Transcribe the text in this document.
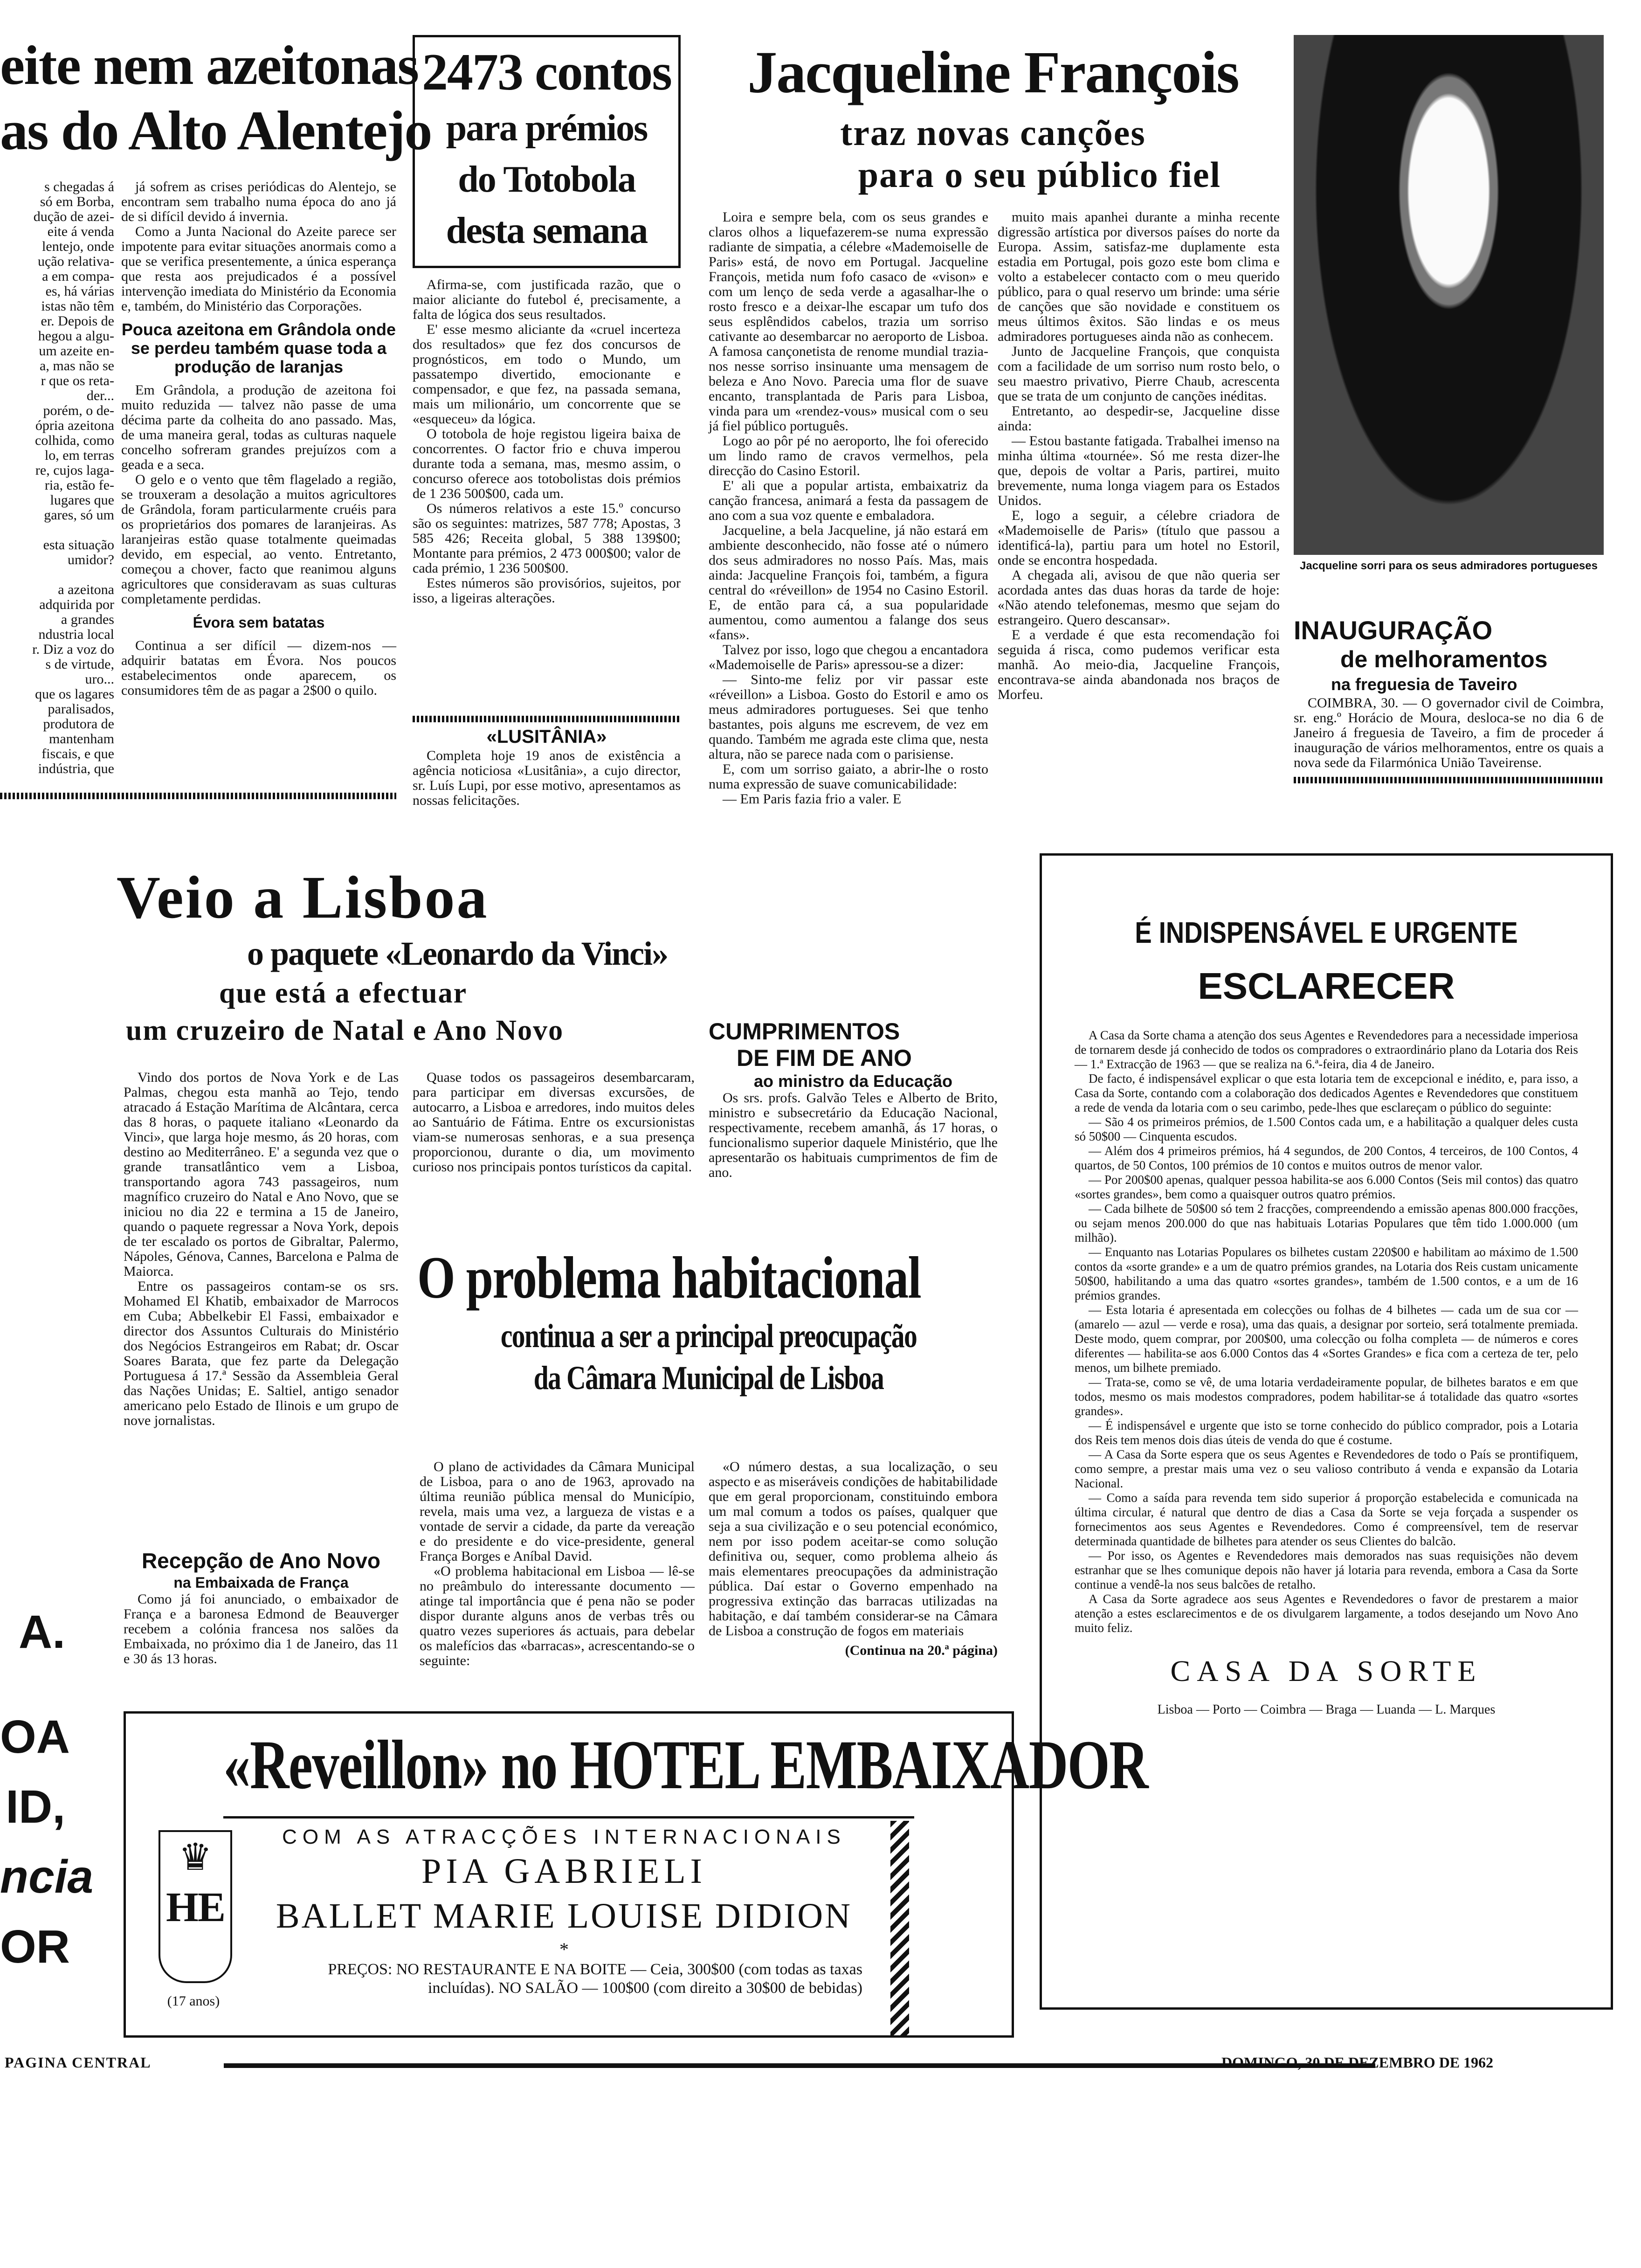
eite nem azeitonas
as do Alto Alentejo
s chegadas á
só em Borba,
dução de azei-
eite á venda
lentejo, onde
ução relativa-
a em compa-
es, há várias
istas não têm
er. Depois de
hegou a algu-
um azeite en-
a, mas não se
r que os reta-
der...
porém, o de-
ópria azeitona
colhida, como
lo, em terras
re, cujos laga-
ria, estão fe-
lugares que
gares, só um
esta situação
umidor?
a azeitona
adquirida por
a grandes
ndustria local
r. Diz a voz do
s de virtude,
uro...
que os lagares
paralisados,
produtora de
mantenham
fiscais, e que
indústria, que

já sofrem as crises periódicas do Alentejo, se encontram sem trabalho numa época do ano já de si difícil devido á invernia.

Como a Junta Nacional do Azeite parece ser impotente para evitar situações anormais como a que se verifica presentemente, a única esperança que resta aos prejudicados é a possível intervenção imediata do Ministério da Economia e, também, do Ministério das Corporações.

Pouca azeitona em Grândola onde se perdeu também quase toda a produção de laranjas

Em Grândola, a produção de azeitona foi muito reduzida — talvez não passe de uma décima parte da colheita do ano passado. Mas, de uma maneira geral, todas as culturas naquele concelho sofreram grandes prejuízos com a geada e a seca.

O gelo e o vento que têm flagelado a região, se trouxeram a desolação a muitos agricultores de Grândola, foram particularmente cruéis para os proprietários dos pomares de laranjeiras. As laranjeiras estão quase totalmente queimadas devido, em especial, ao vento. Entretanto, começou a chover, facto que reanimou alguns agricultores que consideravam as suas culturas completamente perdidas.

Évora sem batatas

Continua a ser difícil — dizem-nos — adquirir batatas em Évora. Nos poucos estabelecimentos onde aparecem, os consumidores têm de as pagar a 2$00 o quilo.

2473 contos
para prémios
do Totobola
desta semana

Afirma-se, com justificada razão, que o maior aliciante do futebol é, precisamente, a falta de lógica dos seus resultados.

E' esse mesmo aliciante da «cruel incerteza dos resultados» que fez dos concursos de prognósticos, em todo o Mundo, um passatempo divertido, emocionante e compensador, e que fez, na passada semana, mais um milionário, um concorrente que se «esqueceu» da lógica.

O totobola de hoje registou ligeira baixa de concorrentes. O factor frio e chuva imperou durante toda a semana, mas, mesmo assim, o concurso oferece aos totobolistas dois prémios de 1 236 500$00, cada um.

Os números relativos a este 15.º concurso são os seguintes: matrizes, 587 778; Apostas, 3 585 426; Receita global, 5 388 139$00; Montante para prémios, 2 473 000$00; valor de cada prémio, 1 236 500$00.

Estes números são provisórios, sujeitos, por isso, a ligeiras alterações.

«LUSITÂNIA»

Completa hoje 19 anos de existência a agência noticiosa «Lusitânia», a cujo director, sr. Luís Lupi, por esse motivo, apresentamos as nossas felicitações.

Jacqueline François
traz novas canções
para o seu público fiel

Loira e sempre bela, com os seus grandes e claros olhos a liquefazerem-se numa expressão radiante de simpatia, a célebre «Mademoiselle de Paris» está, de novo em Portugal. Jacqueline François, metida num fofo casaco de «vison» e com um lenço de seda verde a agasalhar-lhe o rosto fresco e a deixar-lhe escapar um tufo dos seus esplêndidos cabelos, trazia um sorriso cativante ao desembarcar no aeroporto de Lisboa. A famosa cançonetista de renome mundial trazia-nos nesse sorriso insinuante uma mensagem de beleza e Ano Novo. Parecia uma flor de suave encanto, transplantada de Paris para Lisboa, vinda para um «rendez-vous» musical com o seu já fiel público português.

Logo ao pôr pé no aeroporto, lhe foi oferecido um lindo ramo de cravos vermelhos, pela direcção do Casino Estoril.

E' ali que a popular artista, embaixatriz da canção francesa, animará a festa da passagem de ano com a sua voz quente e embaladora.

Jacqueline, a bela Jacqueline, já não estará em ambiente desconhecido, não fosse até o número dos seus admiradores no nosso País. Mas, mais ainda: Jacqueline François foi, também, a figura central do «réveillon» de 1954 no Casino Estoril. E, de então para cá, a sua popularidade aumentou, como aumentou a falange dos seus «fans».

Talvez por isso, logo que chegou a encantadora «Mademoiselle de Paris» apressou-se a dizer:

— Sinto-me feliz por vir passar este «réveillon» a Lisboa. Gosto do Estoril e amo os meus admiradores portugueses. Sei que tenho bastantes, pois alguns me escrevem, de vez em quando. Também me agrada este clima que, nesta altura, não se parece nada com o parisiense.

E, com um sorriso gaiato, a abrir-lhe o rosto numa expressão de suave comunicabilidade:

— Em Paris fazia frio a valer. E

muito mais apanhei durante a minha recente digressão artística por diversos países do norte da Europa. Assim, satisfaz-me duplamente esta estadia em Portugal, pois gozo este bom clima e volto a estabelecer contacto com o meu querido público, para o qual reservo um brinde: uma série de canções que são novidade e constituem os meus últimos êxitos. São lindas e os meus admiradores portugueses ainda não as conhecem.

Junto de Jacqueline François, que conquista com a facilidade de um sorriso num rosto belo, o seu maestro privativo, Pierre Chaub, acrescenta que se trata de um conjunto de canções inéditas.

Entretanto, ao despedir-se, Jacqueline disse ainda:

— Estou bastante fatigada. Trabalhei imenso na minha última «tournée». Só me resta dizer-lhe que, depois de voltar a Paris, partirei, muito brevemente, numa longa viagem para os Estados Unidos.

E, logo a seguir, a célebre criadora de «Mademoiselle de Paris» (título que passou a identificá-la), partiu para um hotel no Estoril, onde se encontra hospedada.

A chegada ali, avisou de que não queria ser acordada antes das duas horas da tarde de hoje: «Não atendo telefonemas, mesmo que sejam do estrangeiro. Quero descansar».

E a verdade é que esta recomendação foi seguida á risca, como pudemos verificar esta manhã. Ao meio-dia, Jacqueline François, encontrava-se ainda abandonada nos braços de Morfeu.

Jacqueline sorri para os seus admiradores portugueses
INAUGURAÇÃO
de melhoramentos
na freguesia de Taveiro

COIMBRA, 30. — O governador civil de Coimbra, sr. eng.º Horácio de Moura, desloca-se no dia 6 de Janeiro á freguesia de Taveiro, a fim de proceder á inauguração de vários melhoramentos, entre os quais a nova sede da Filarmónica União Taveirense.

Veio a Lisboa
o paquete «Leonardo da Vinci»
que está a efectuar
um cruzeiro de Natal e Ano Novo

Vindo dos portos de Nova York e de Las Palmas, chegou esta manhã ao Tejo, tendo atracado á Estação Marítima de Alcântara, cerca das 8 horas, o paquete italiano «Leonardo da Vinci», que larga hoje mesmo, ás 20 horas, com destino ao Mediterrâneo. E' a segunda vez que o grande transatlântico vem a Lisboa, transportando agora 743 passageiros, num magnífico cruzeiro do Natal e Ano Novo, que se iniciou no dia 22 e termina a 15 de Janeiro, quando o paquete regressar a Nova York, depois de ter escalado os portos de Gibraltar, Palermo, Nápoles, Génova, Cannes, Barcelona e Palma de Maiorca.

Entre os passageiros contam-se os srs. Mohamed El Khatib, embaixador de Marrocos em Cuba; Abbelkebir El Fassi, embaixador e director dos Assuntos Culturais do Ministério dos Negócios Estrangeiros em Rabat; dr. Oscar Soares Barata, que fez parte da Delegação Portuguesa á 17.ª Sessão da Assembleia Geral das Nações Unidas; E. Saltiel, antigo senador americano pelo Estado de Ilinois e um grupo de nove jornalistas.

Quase todos os passageiros desembarcaram, para participar em diversas excursões, de autocarro, a Lisboa e arredores, indo muitos deles ao Santuário de Fátima. Entre os excursionistas viam-se numerosas senhoras, e a sua presença proporcionou, durante o dia, um movimento curioso nos principais pontos turísticos da capital.

Recepção de Ano Novo
na Embaixada de França

Como já foi anunciado, o embaixador de França e a baronesa Edmond de Beauverger recebem a colónia francesa nos salões da Embaixada, no próximo dia 1 de Janeiro, das 11 e 30 ás 13 horas.

CUMPRIMENTOS
DE FIM DE ANO
ao ministro da Educação

Os srs. profs. Galvão Teles e Alberto de Brito, ministro e subsecretário da Educação Nacional, respectivamente, recebem amanhã, ás 17 horas, o funcionalismo superior daquele Ministério, que lhe apresentarão os habituais cumprimentos de fim de ano.

O problema habitacional
continua a ser a principal preocupação
da Câmara Municipal de Lisboa

O plano de actividades da Câmara Municipal de Lisboa, para o ano de 1963, aprovado na última reunião pública mensal do Município, revela, mais uma vez, a largueza de vistas e a vontade de servir a cidade, da parte da vereação e do presidente e do vice-presidente, general França Borges e Aníbal David.

«O problema habitacional em Lisboa — lê-se no preâmbulo do interessante documento — atinge tal importância que é pena não se poder dispor durante alguns anos de verbas três ou quatro vezes superiores ás actuais, para debelar os malefícios das «barracas», acrescentando-se o seguinte:

«O número destas, a sua localização, o seu aspecto e as miseráveis condições de habitabilidade que em geral proporcionam, constituindo embora um mal comum a todos os países, qualquer que seja a sua civilização e o seu potencial económico, nem por isso podem aceitar-se como solução definitiva ou, sequer, como problema alheio ás mais elementares preocupações da administração pública. Daí estar o Governo empenhado na progressiva extinção das barracas utilizadas na habitação, e daí também considerar-se na Câmara de Lisboa a construção de fogos em materiais

(Continua na 20.ª página)
É INDISPENSÁVEL E URGENTE
ESCLARECER

A Casa da Sorte chama a atenção dos seus Agentes e Revendedores para a necessidade imperiosa de tornarem desde já conhecido de todos os compradores o extraordinário plano da Lotaria dos Reis — 1.ª Extracção de 1963 — que se realiza na 6.ª-feira, dia 4 de Janeiro.

De facto, é indispensável explicar o que esta lotaria tem de excepcional e inédito, e, para isso, a Casa da Sorte, contando com a colaboração dos dedicados Agentes e Revendedores que constituem a rede de venda da lotaria com o seu carimbo, pede-lhes que esclareçam o público do seguinte:

— São 4 os primeiros prémios, de 1.500 Contos cada um, e a habilitação a qualquer deles custa só 50$00 — Cinquenta escudos.

— Além dos 4 primeiros prémios, há 4 segundos, de 200 Contos, 4 terceiros, de 100 Contos, 4 quartos, de 50 Contos, 100 prémios de 10 contos e muitos outros de menor valor.

— Por 200$00 apenas, qualquer pessoa habilita-se aos 6.000 Contos (Seis mil contos) das quatro «sortes grandes», bem como a quaisquer outros quatro prémios.

— Cada bilhete de 50$00 só tem 2 fracções, compreendendo a emissão apenas 800.000 fracções, ou sejam menos 200.000 do que nas habituais Lotarias Populares que têm tido 1.000.000 (um milhão).

— Enquanto nas Lotarias Populares os bilhetes custam 220$00 e habilitam ao máximo de 1.500 contos da «sorte grande» e a um de quatro prémios grandes, na Lotaria dos Reis custam unicamente 50$00, habilitando a uma das quatro «sortes grandes», também de 1.500 contos, e a um de 16 prémios grandes.

— Esta lotaria é apresentada em colecções ou folhas de 4 bilhetes — cada um de sua cor — (amarelo — azul — verde e rosa), uma das quais, a designar por sorteio, será totalmente premiada. Deste modo, quem comprar, por 200$00, uma colecção ou folha completa — de números e cores diferentes — habilita-se aos 6.000 Contos das 4 «Sortes Grandes» e fica com a certeza de ter, pelo menos, um bilhete premiado.

— Trata-se, como se vê, de uma lotaria verdadeiramente popular, de bilhetes baratos e em que todos, mesmo os mais modestos compradores, podem habilitar-se á totalidade das quatro «sortes grandes».

— É indispensável e urgente que isto se torne conhecido do público comprador, pois a Lotaria dos Reis tem menos dois dias úteis de venda do que é costume.

— A Casa da Sorte espera que os seus Agentes e Revendedores de todo o País se prontifiquem, como sempre, a prestar mais uma vez o seu valioso contributo á venda e expansão da Lotaria Nacional.

— Como a saída para revenda tem sido superior á proporção estabelecida e comunicada na última circular, é natural que dentro de dias a Casa da Sorte se veja forçada a suspender os fornecimentos aos seus Agentes e Revendedores. Como é compreensível, tem de reservar determinada quantidade de bilhetes para atender os seus Clientes do balcão.

— Por isso, os Agentes e Revendedores mais demorados nas suas requisições não devem estranhar que se lhes comunique depois não haver já lotaria para revenda, embora a Casa da Sorte continue a vendê-la nos seus balcões de retalho.

A Casa da Sorte agradece aos seus Agentes e Revendedores o favor de prestarem a maior atenção a estes esclarecimentos e de os divulgarem largamente, a todos desejando um Novo Ano muito feliz.

CASA DA SORTE
Lisboa — Porto — Coimbra — Braga — Luanda — L. Marques
A.
OA
ID,
ncia
OR
«Reveillon» no HOTEL EMBAIXADOR
♛
HE
(17 anos)
COM AS ATRACÇÕES INTERNACIONAIS
PIA GABRIELI
BALLET MARIE LOUISE DIDION
*
PREÇOS: NO RESTAURANTE E NA BOITE — Ceia, 300$00 (com todas as taxas incluídas). NO SALÃO — 100$00 (com direito a 30$00 de bebidas)
PAGINA CENTRAL	DOMINGO, 30 DE DEZEMBRO DE 1962
